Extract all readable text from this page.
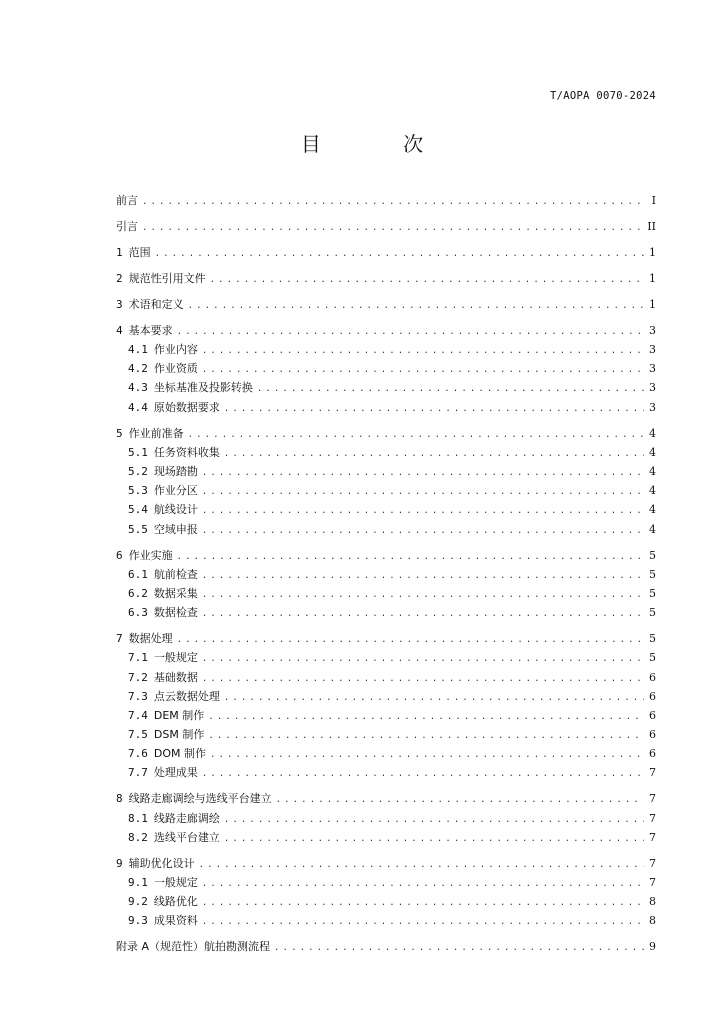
T/AOPA 0070-2024
目 次
前言 .....	I
引言 .....	II
1 范围 .....	1
2 规范性引用文件 .....	1
3 术语和定义 .....	1
4 基本要求 .....	3
4.1 作业内容 .....	3
4.2 作业资质 .....	3
4.3 坐标基准及投影转换 .....	3
4.4 原始数据要求 .....	3
5 作业前准备 .....	4
5.1 任务资料收集 .....	4
5.2 现场踏勘 .....	4
5.3 作业分区 .....	4
5.4 航线设计 .....	4
5.5 空域申报 .....	4
6 作业实施 .....	5
6.1 航前检查 .....	5
6.2 数据采集 .....	5
6.3 数据检查 .....	5
7 数据处理 .....	5
7.1 一般规定 .....	5
7.2 基础数据 .....	6
7.3 点云数据处理 .....	6
7.4 DEM 制作 .....	6
7.5 DSM 制作 .....	6
7.6 DOM 制作 .....	6
7.7 处理成果 .....	7
8 线路走廊调绘与选线平台建立 .....	7
8.1 线路走廊调绘 .....	7
8.2 选线平台建立 .....	7
9 辅助优化设计 .....	7
9.1 一般规定 .....	7
9.2 线路优化 .....	8
9.3 成果资料 .....	8
附录 A（规范性）航拍勘测流程 .....	9
